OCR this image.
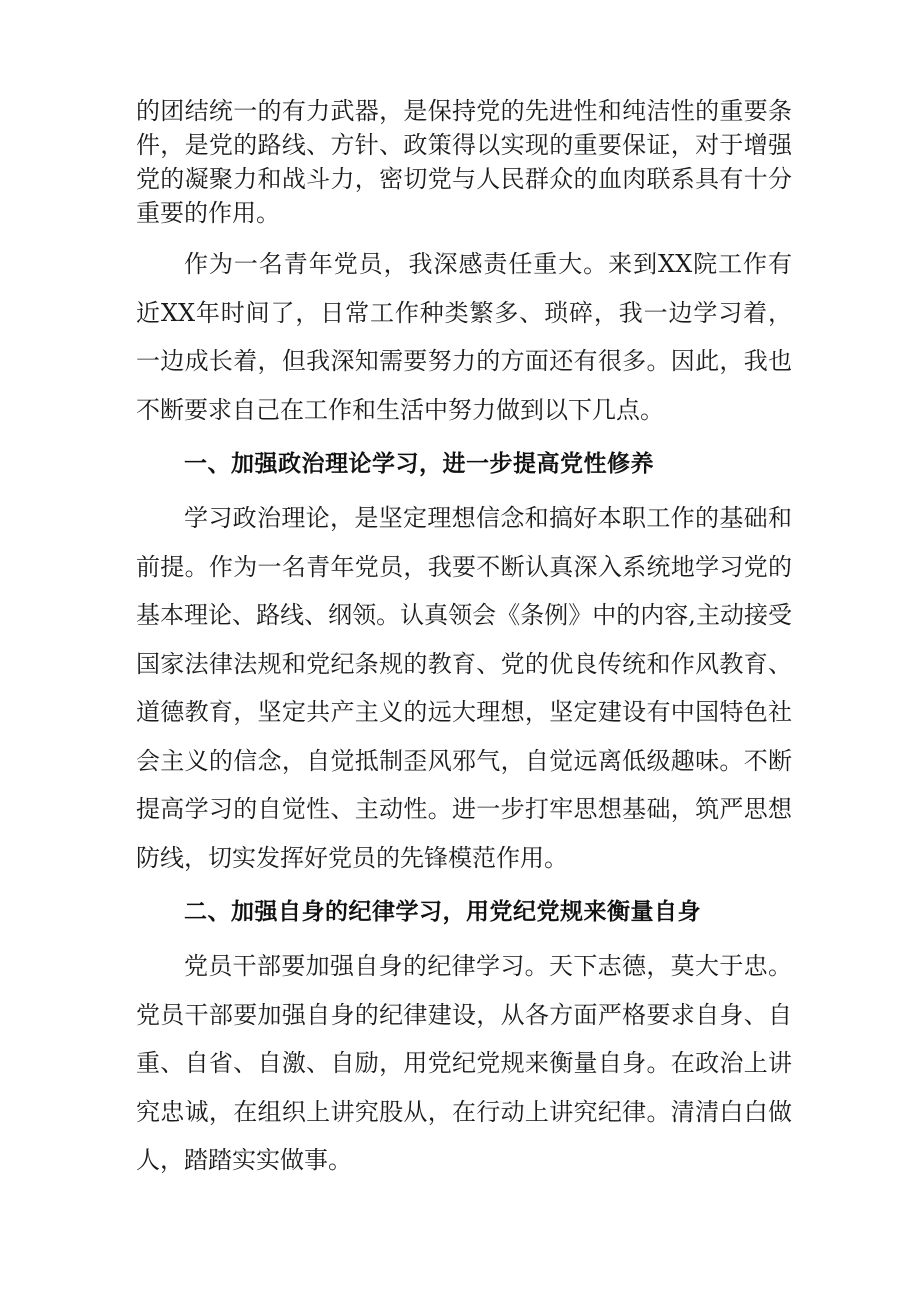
的团结统一的有力武器，是保持党的先进性和纯洁性的重要条件，是党的路线、方针、政策得以实现的重要保证，对于增强党的凝聚力和战斗力，密切党与人民群众的血肉联系具有十分重要的作用。

作为一名青年党员，我深感责任重大。来到XX院工作有近XX年时间了，日常工作种类繁多、琐碎，我一边学习着，一边成长着，但我深知需要努力的方面还有很多。因此，我也不断要求自己在工作和生活中努力做到以下几点。

一、加强政治理论学习，进一步提高党性修养

学习政治理论，是坚定理想信念和搞好本职工作的基础和前提。作为一名青年党员，我要不断认真深入系统地学习党的基本理论、路线、纲领。认真领会《条例》中的内容,主动接受国家法律法规和党纪条规的教育、党的优良传统和作风教育、道德教育，坚定共产主义的远大理想，坚定建设有中国特色社会主义的信念，自觉抵制歪风邪气，自觉远离低级趣味。不断提高学习的自觉性、主动性。进一步打牢思想基础，筑严思想防线，切实发挥好党员的先锋模范作用。

二、加强自身的纪律学习，用党纪党规来衡量自身

党员干部要加强自身的纪律学习。天下志德，莫大于忠。党员干部要加强自身的纪律建设，从各方面严格要求自身、自重、自省、自激、自励，用党纪党规来衡量自身。在政治上讲究忠诚，在组织上讲究股从，在行动上讲究纪律。清清白白做人，踏踏实实做事。
